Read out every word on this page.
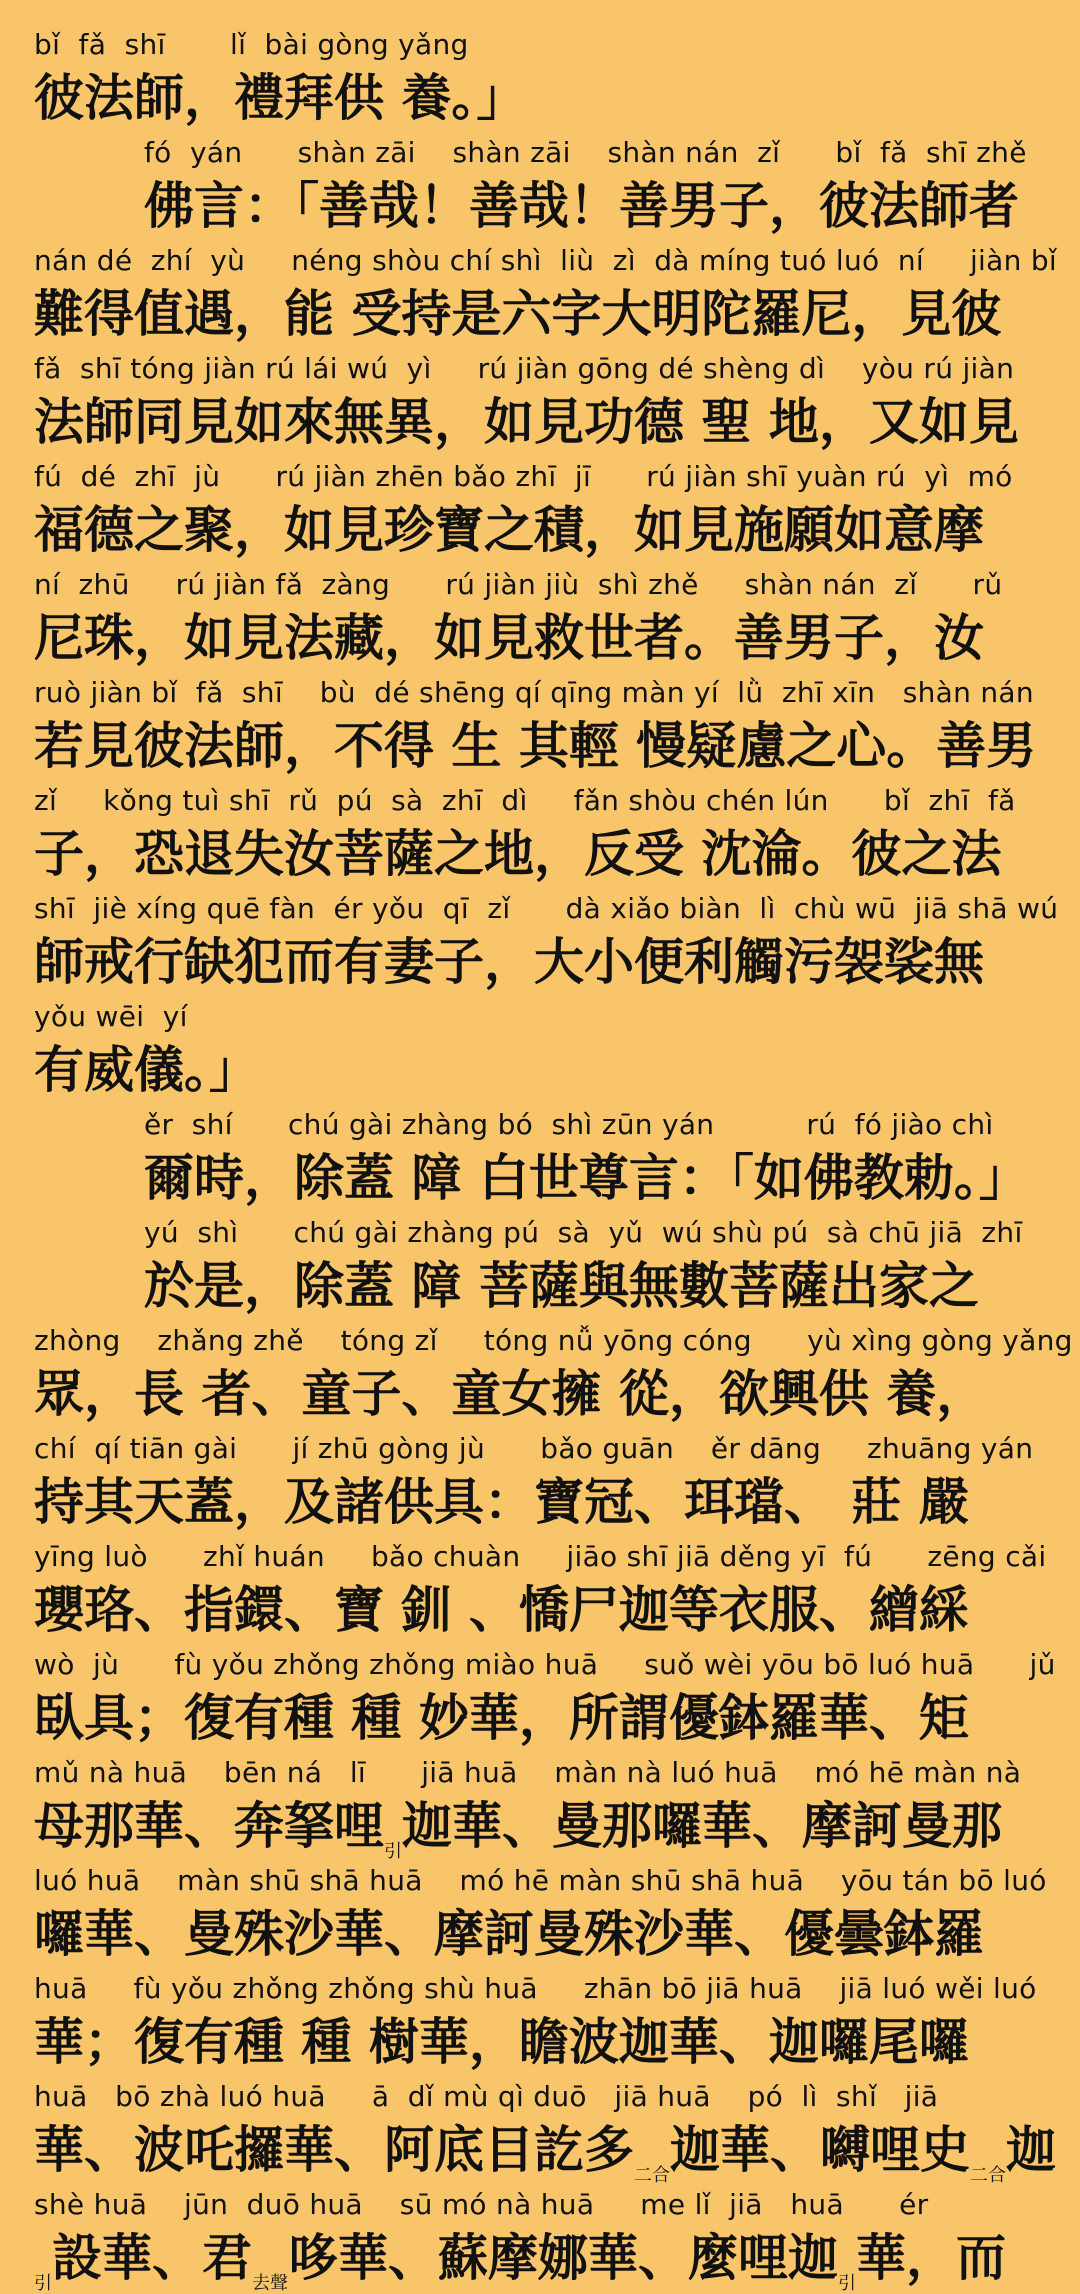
bǐ  fǎ  shī       lǐ  bài gòng yǎng
彼法師，禮拜供 養。」
fó  yán      shàn zāi    shàn zāi    shàn nán  zǐ      bǐ  fǎ  shī zhě
佛言：「善哉！善哉！善男子，彼法師者
nán dé  zhí  yù     néng shòu chí shì  liù  zì  dà míng tuó luó  ní     jiàn bǐ
難得值遇，能 受持是六字大明陀羅尼，見彼
fǎ  shī tóng jiàn rú lái wú  yì     rú jiàn gōng dé shèng dì    yòu rú jiàn
法師同見如來無異，如見功德 聖 地，又如見
fú  dé  zhī  jù      rú jiàn zhēn bǎo zhī  jī      rú jiàn shī yuàn rú  yì  mó
福德之聚，如見珍寶之積，如見施願如意摩
ní  zhū     rú jiàn fǎ  zàng      rú jiàn jiù  shì zhě     shàn nán  zǐ      rǔ
尼珠，如見法藏，如見救世者。善男子，汝
ruò jiàn bǐ  fǎ  shī    bù  dé shēng qí qīng màn yí  lǜ  zhī xīn   shàn nán
若見彼法師，不得 生 其輕 慢疑慮之心。善男
zǐ     kǒng tuì shī  rǔ  pú  sà  zhī  dì     fǎn shòu chén lún      bǐ  zhī  fǎ
子，恐退失汝菩薩之地，反受 沈淪。彼之法
shī  jiè xíng quē fàn  ér yǒu  qī  zǐ      dà xiǎo biàn  lì  chù wū  jiā shā wú
師戒行缺犯而有妻子，大小便利觸污袈裟無
yǒu wēi  yí
有威儀。」
ěr  shí      chú gài zhàng bó  shì zūn yán          rú  fó jiào chì
爾時，除蓋 障 白世尊言：「如佛教勅。」
yú  shì      chú gài zhàng pú  sà  yǔ  wú shù pú  sà chū jiā  zhī
於是，除蓋 障 菩薩與無數菩薩出家之
zhòng    zhǎng zhě    tóng zǐ     tóng nǚ yōng cóng      yù xìng gòng yǎng
眾，長 者、童子、童女擁 從，欲興供 養，
chí  qí tiān gài      jí zhū gòng jù      bǎo guān    ěr dāng     zhuāng yán
持其天蓋，及諸供具：寶冠、珥璫、 莊 嚴
yīng luò      zhǐ huán     bǎo chuàn     jiāo shī jiā děng yī  fú      zēng cǎi
瓔珞、指鐶、寶 釧 、憍尸迦等衣服、繒綵
wò  jù      fù yǒu zhǒng zhǒng miào huā     suǒ wèi yōu bō luó huā      jǔ
臥具；復有種 種 妙華，所謂優鉢羅華、矩
mǔ nà huā    bēn ná   lī      jiā huā    màn nà luó huā    mó hē màn nà
母那華、奔拏哩引迦華、曼那囉華、摩訶曼那
luó huā    màn shū shā huā    mó hē màn shū shā huā    yōu tán bō luó
囉華、曼殊沙華、摩訶曼殊沙華、優曇鉢羅
huā     fù yǒu zhǒng zhǒng shù huā     zhān bō jiā huā    jiā luó wěi luó
華；復有種 種 樹華，瞻波迦華、迦囉尾囉
huā   bō zhà luó huā     ā  dǐ mù qì duō   jiā huā    pó  lì  shǐ   jiā
華、波吒攞華、阿底目訖多二合迦華、嚩哩史二合迦
shè huā    jūn  duō huā    sū mó nà huā     me lǐ  jiā   huā      ér
引設華、君去聲哆華、蘇摩娜華、麼哩迦引華，而
